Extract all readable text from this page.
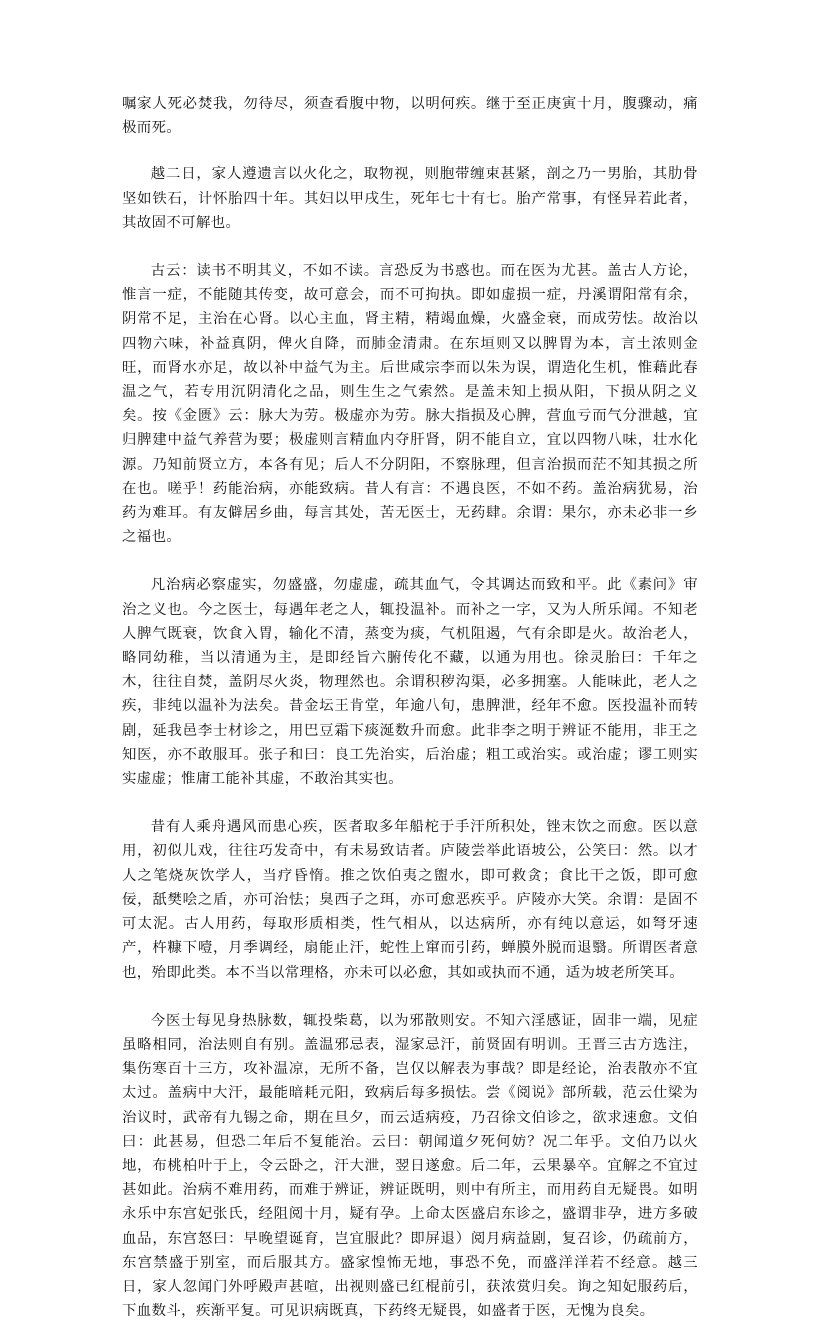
嘱家人死必焚我，勿待尽，须查看腹中物，以明何疾。继于至正庚寅十月，腹骤动，痛极而死。

越二日，家人遵遗言以火化之，取物视，则胞带缠束甚紧，剖之乃一男胎，其肋骨坚如铁石，计怀胎四十年。其妇以甲戌生，死年七十有七。胎产常事，有怪异若此者，其故固不可解也。

古云：读书不明其义，不如不读。言恐反为书惑也。而在医为尤甚。盖古人方论，惟言一症，不能随其传变，故可意会，而不可拘执。即如虚损一症，丹溪谓阳常有余，阴常不足，主治在心肾。以心主血，肾主精，精竭血燥，火盛金衰，而成劳怯。故治以四物六味，补益真阴，俾火自降，而肺金清肃。在东垣则又以脾胃为本，言土浓则金旺，而肾水亦足，故以补中益气为主。后世咸宗李而以朱为误，谓造化生机，惟藉此春温之气，若专用沉阴清化之品，则生生之气索然。是盖未知上损从阳，下损从阴之义矣。按《金匮》云：脉大为劳。极虚亦为劳。脉大指损及心脾，营血亏而气分泄越，宜归脾建中益气养营为要；极虚则言精血内夺肝肾，阴不能自立，宜以四物八味，壮水化源。乃知前贤立方，本各有见；后人不分阴阳，不察脉理，但言治损而茫不知其损之所在也。嗟乎！药能治病，亦能致病。昔人有言：不遇良医，不如不药。盖治病犹易，治药为难耳。有友僻居乡曲，每言其处，苦无医士，无药肆。余谓：果尔，亦未必非一乡之福也。

凡治病必察虚实，勿盛盛，勿虚虚，疏其血气，令其调达而致和平。此《素问》审治之义也。今之医士，每遇年老之人，辄投温补。而补之一字，又为人所乐闻。不知老人脾气既衰，饮食入胃，输化不清，蒸变为痰，气机阻遏，气有余即是火。故治老人，略同幼稚，当以清通为主，是即经旨六腑传化不藏，以通为用也。徐灵胎曰：千年之木，往往自焚，盖阴尽火炎，物理然也。余谓积秽沟渠，必多拥塞。人能味此，老人之疾，非纯以温补为法矣。昔金坛王肯堂，年逾八旬，患脾泄，经年不愈。医投温补而转剧，延我邑李士材诊之，用巴豆霜下痰涎数升而愈。此非李之明于辨证不能用，非王之知医，亦不敢服耳。张子和曰：良工先治实，后治虚；粗工或治实。或治虚；谬工则实实虚虚；惟庸工能补其虚，不敢治其实也。

昔有人乘舟遇风而患心疾，医者取多年船柁于手汗所积处，锉末饮之而愈。医以意用，初似儿戏，往往巧发奇中，有未易致诘者。庐陵尝举此语坡公，公笑曰：然。以才人之笔烧灰饮学人，当疗昏惰。推之饮伯夷之盥水，即可救贪；食比干之饭，即可愈佞，舐樊哙之盾，亦可治怯；臭西子之珥，亦可愈恶疾乎。庐陵亦大笑。余谓：是固不可太泥。古人用药，每取形质相类，性气相从，以达病所，亦有纯以意运，如弩牙速产，杵糠下噎，月季调经，扇能止汗，蛇性上窜而引药，蝉膜外脱而退翳。所谓医者意也，殆即此类。本不当以常理格，亦未可以必愈，其如或执而不通，适为坡老所笑耳。

今医士每见身热脉数，辄投柴葛，以为邪散则安。不知六淫感证，固非一端，见症虽略相同，治法则自有别。盖温邪忌表，湿家忌汗，前贤固有明训。王晋三古方选注，集伤寒百十三方，攻补温凉，无所不备，岂仅以解表为事哉？即是经论，治表散亦不宜太过。盖病中大汗，最能暗耗元阳，致病后每多损怯。尝《阅说》部所载，范云仕梁为治议时，武帝有九锡之命，期在旦夕，而云适病疫，乃召徐文伯诊之，欲求速愈。文伯曰：此甚易，但恐二年后不复能治。云曰：朝闻道夕死何妨？况二年乎。文伯乃以火 地，布桃柏叶于上，令云卧之，汗大泄，翌日遂愈。后二年，云果暴卒。宜解之不宜过甚如此。治病不难用药，而难于辨证，辨证既明，则中有所主，而用药自无疑畏。如明永乐中东宫妃张氏，经阻阅十月，疑有孕。上命太医盛启东诊之，盛谓非孕，进方多破血品，东宫怒曰：早晚望诞育，岂宜服此？即屏退）阅月病益剧，复召诊，仍疏前方，东宫禁盛于别室，而后服其方。盛家惶怖无地，事恐不免，而盛洋洋若不经意。越三日，家人忽闻门外呼殿声甚喧，出视则盛已红棍前引，获浓赏归矣。询之知妃服药后，下血数斗，疾渐平复。可见识病既真，下药终无疑畏，如盛者于医，无愧为良矣。
